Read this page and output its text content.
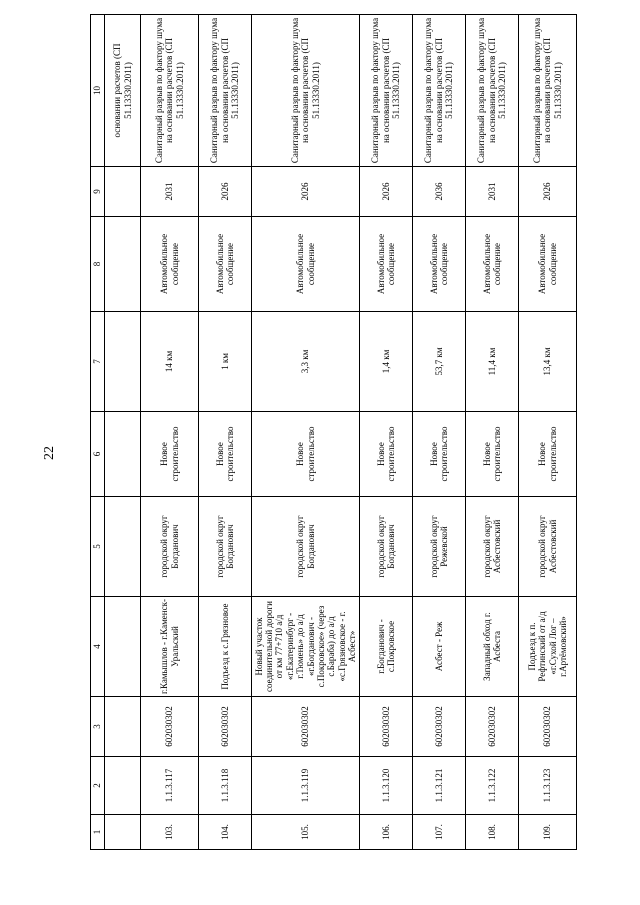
22
1	2	3	4	5	6	7	8	9	10
									основании расчетов (СП 51.13330.2011)
103.	1.1.3.117	602030302	г.Камышлов - г.Каменск-Уральский	городской округ Богданович	Новое строительство	14 км	Автомобильное сообщение	2031	Санитарный разрыв по фактору шума на основании расчетов (СП 51.13330.2011)
104.	1.1.3.118	602030302	Подъезд к с.Грязновое	городской округ Богданович	Новое строительство	1 км	Автомобильное сообщение	2026	Санитарный разрыв по фактору шума на основании расчетов (СП 51.13330.2011)
105.	1.1.3.119	602030302	Новый участок соединительной дороги от км 77+710 а/д «г.Екатеринбург - г.Тюмень» до а/д «г.Богданович - с.Покровское» (через с.Бараба) до а/д «с.Грязновское - г. Асбест»	городской округ Богданович	Новое строительство	3,3 км	Автомобильное сообщение	2026	Санитарный разрыв по фактору шума на основании расчетов (СП 51.13330.2011)
106.	1.1.3.120	602030302	г.Богданович - с.Покровское	городской округ Богданович	Новое строительство	1,4 км	Автомобильное сообщение	2026	Санитарный разрыв по фактору шума на основании расчетов (СП 51.13330.2011)
107.	1.1.3.121	602030302	Асбест - Реж	городской округ Режевской	Новое строительство	53,7 км	Автомобильное сообщение	2036	Санитарный разрыв по фактору шума на основании расчетов (СП 51.13330.2011)
108.	1.1.3.122	602030302	Западный обход г. Асбеста	городской округ Асбестовский	Новое строительство	11,4 км	Автомобильное сообщение	2031	Санитарный разрыв по фактору шума на основании расчетов (СП 51.13330.2011)
109.	1.1.3.123	602030302	Подъезд к п. Рефтинский от а/д «г.Сухой Лог – г.Артёмовский»	городской округ Асбестовский	Новое строительство	13,4 км	Автомобильное сообщение	2026	Санитарный разрыв по фактору шума на основании расчетов (СП 51.13330.2011)
